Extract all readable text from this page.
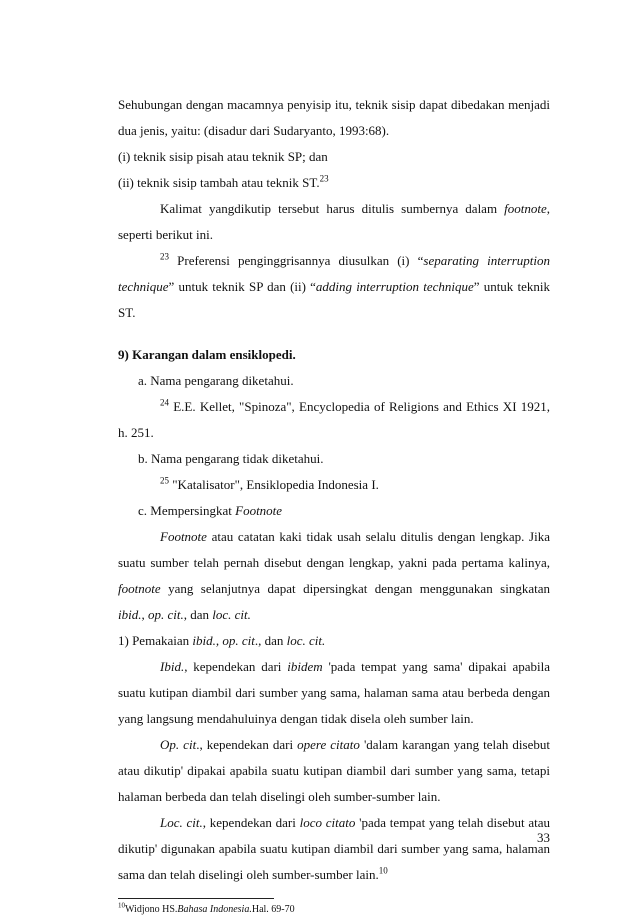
Sehubungan dengan macamnya penyisip itu, teknik sisip dapat dibedakan menjadi
dua jenis, yaitu: (disadur dari Sudaryanto, 1993:68).
(i) teknik sisip pisah atau teknik SP; dan
(ii) teknik sisip tambah atau teknik ST.$^{23}$
Kalimat yangdikutip tersebut harus ditulis sumbernya dalam footnote,
seperti berikut ini.
$^{23}$ Preferensi penginggrisannya diusulkan (i) “separating interruption
technique” untuk teknik SP dan (ii) “adding interruption technique” untuk teknik
ST.
9) Karangan dalam ensiklopedi.
a. Nama pengarang diketahui.
$^{24}$ E.E. Kellet, "Spinoza", Encyclopedia of Religions and Ethics XI 1921,
h. 251.
b. Nama pengarang tidak diketahui.
$^{25}$ "Katalisator", Ensiklopedia Indonesia I.
c. Mempersingkat Footnote
Footnote atau catatan kaki tidak usah selalu ditulis dengan lengkap. Jika
suatu sumber telah pernah disebut dengan lengkap, yakni pada pertama kalinya,
footnote yang selanjutnya dapat dipersingkat dengan menggunakan singkatan
ibid., op. cit., dan loc. cit.
1) Pemakaian ibid., op. cit., dan loc. cit.
Ibid., kependekan dari ibidem 'pada tempat yang sama' dipakai apabila
suatu kutipan diambil dari sumber yang sama, halaman sama atau berbeda dengan
yang langsung mendahuluinya dengan tidak disela oleh sumber lain.
Op. cit., kependekan dari opere citato 'dalam karangan yang telah disebut
atau dikutip' dipakai apabila suatu kutipan diambil dari sumber yang sama, tetapi
halaman berbeda dan telah diselingi oleh sumber-sumber lain.
Loc. cit., kependekan dari loco citato 'pada tempat yang telah disebut atau
dikutip' digunakan apabila suatu kutipan diambil dari sumber yang sama, halaman
sama dan telah diselingi oleh sumber-sumber lain.$^{10}$
$^{10}$Widjono HS.Bahasa Indonesia.Hal. 69-70
33
